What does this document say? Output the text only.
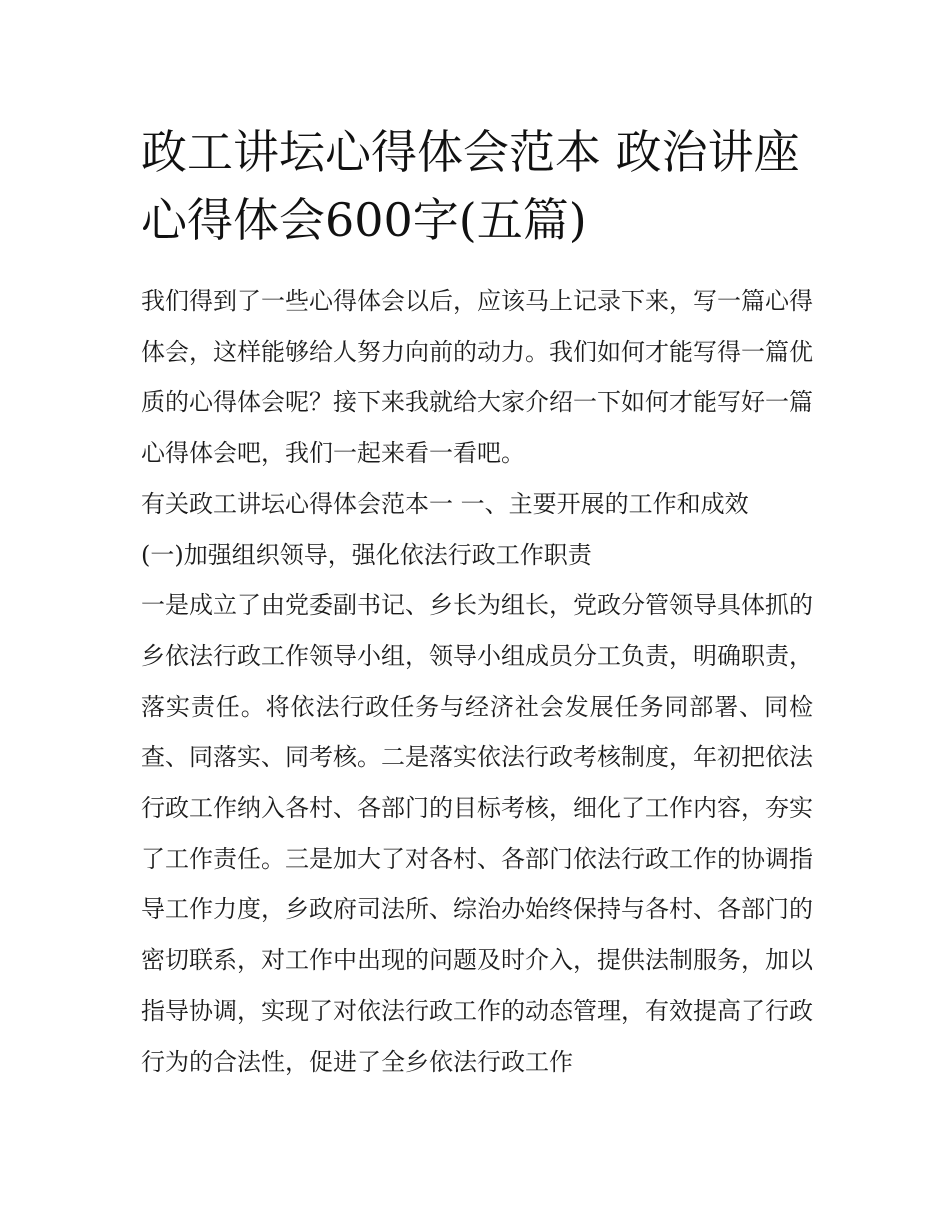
政工讲坛心得体会范本 政治讲座心得体会600字(五篇)

我们得到了一些心得体会以后，应该马上记录下来，写一篇心得体会，这样能够给人努力向前的动力。我们如何才能写得一篇优质的心得体会呢？接下来我就给大家介绍一下如何才能写好一篇心得体会吧，我们一起来看一看吧。

有关政工讲坛心得体会范本一 一、主要开展的工作和成效

(一)加强组织领导，强化依法行政工作职责

一是成立了由党委副书记、乡长为组长，党政分管领导具体抓的乡依法行政工作领导小组，领导小组成员分工负责，明确职责，落实责任。将依法行政任务与经济社会发展任务同部署、同检查、同落实、同考核。二是落实依法行政考核制度，年初把依法行政工作纳入各村、各部门的目标考核，细化了工作内容，夯实了工作责任。三是加大了对各村、各部门依法行政工作的协调指导工作力度，乡政府司法所、综治办始终保持与各村、各部门的密切联系，对工作中出现的问题及时介入，提供法制服务，加以指导协调，实现了对依法行政工作的动态管理，有效提高了行政行为的合法性，促进了全乡依法行政工作
